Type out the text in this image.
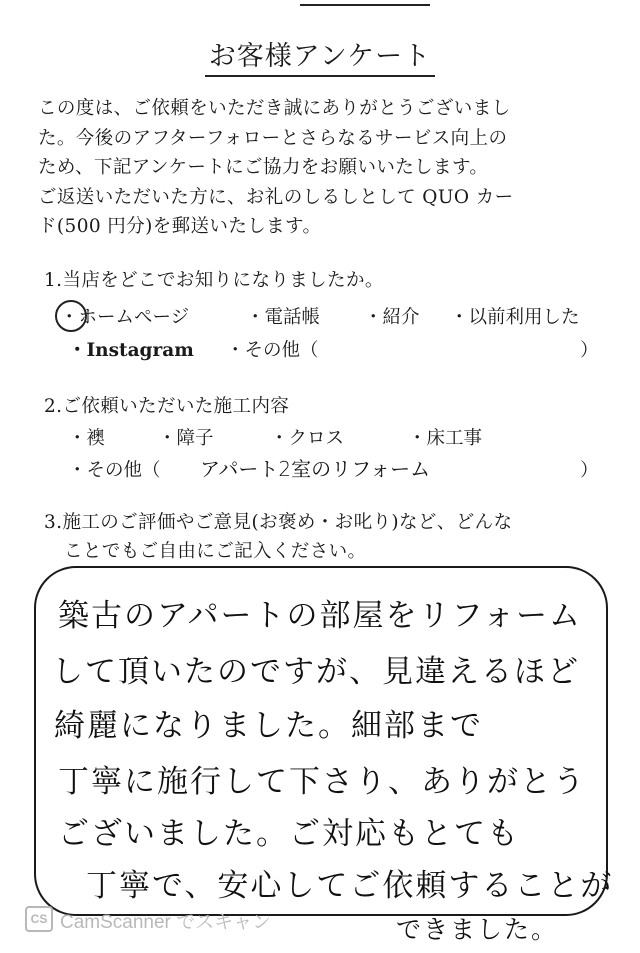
お客様アンケート
この度は、ご依頼をいただき誠にありがとうございまし
た。今後のアフターフォローとさらなるサービス向上の
ため、下記アンケートにご協力をお願いいたします。
ご返送いただいた方に、お礼のしるしとして QUO カー
ド(500 円分)を郵送いたします。
1.当店をどこでお知りになりましたか。
・ホームページ	・電話帳 ・紹介 ・以前利用した
・Instagram ・その他（	）
2.ご依頼いただいた施工内容
・襖	・障子	・クロス	・床工事
・その他（ アパート2室のリフォーム	）
3.施工のご評価やご意見(お褒め・お叱り)など、どんな
ことでもご自由にご記入ください。
築古のアパートの部屋をリフォーム
して頂いたのですが、見違えるほど
綺麗になりました。細部まで
丁寧に施行して下さり、ありがとう
ございました。ご対応もとても
丁寧で、安心してご依頼することが
できました。
CS CamScanner でスキャン
